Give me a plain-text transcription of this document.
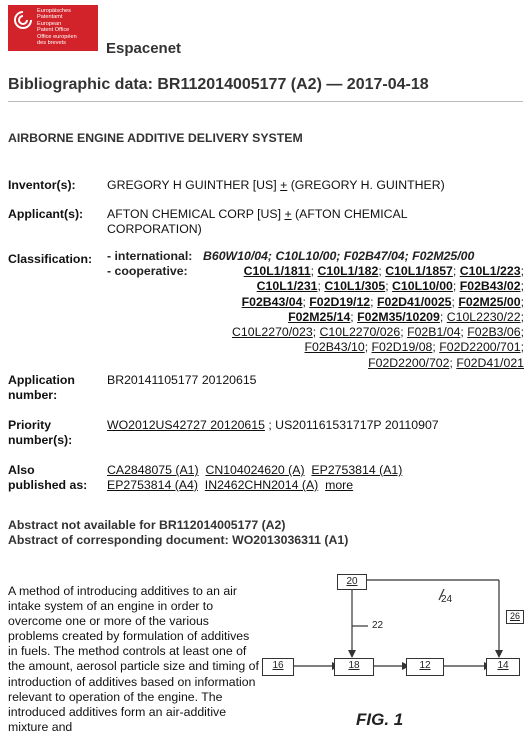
Europäisches
Patentamt
European
Patent Office
Office européen
des brevets	Espacenet
Bibliographic data: BR112014005177 (A2) — 2017-04-18
AIRBORNE ENGINE ADDITIVE DELIVERY SYSTEM
Inventor(s):	GREGORY H GUINTHER [US] + (GREGORY H. GUINTHER)
Applicant(s): AFTON CHEMICAL CORP [US] + (AFTON CHEMICAL
CORPORATION)
Classification: - international: B60W10/04; C10L10/00; F02B47/04; F02M25/00
- cooperative:	C10L1/1811; C10L1/182; C10L1/1857; C10L1/223;
C10L1/231; C10L1/305; C10L10/00; F02B43/02;
F02B43/04; F02D19/12; F02D41/0025; F02M25/00;
F02M25/14; F02M35/10209; C10L2230/22;
C10L2270/023; C10L2270/026; F02B1/04; F02B3/06;
F02B43/10; F02D19/08; F02D2200/701;
F02D2200/702; F02D41/021
Application
number:
BR20141105177 20120615
Priority
number(s):
WO2012US42727 20120615 ; US201161531717P 20110907
Also
published as:
CA2848075 (A1) CN104024620 (A) EP2753814 (A1)
EP2753814 (A4) IN2462CHN2014 (A) more
Abstract not available for BR112014005177 (A2)
Abstract of corresponding document: WO2013036311 (A1)
A method of introducing additives to an air intake system of an engine in order to overcome one or more of the various problems created by formulation of additives in fuels. The method controls at least one of the amount, aerosol particle size and timing of introduction of additives based on information relevant to operation of the engine. The introduced additives form an air-additive mixture and
20
16	18	12	14
26
24
22
FIG. 1
